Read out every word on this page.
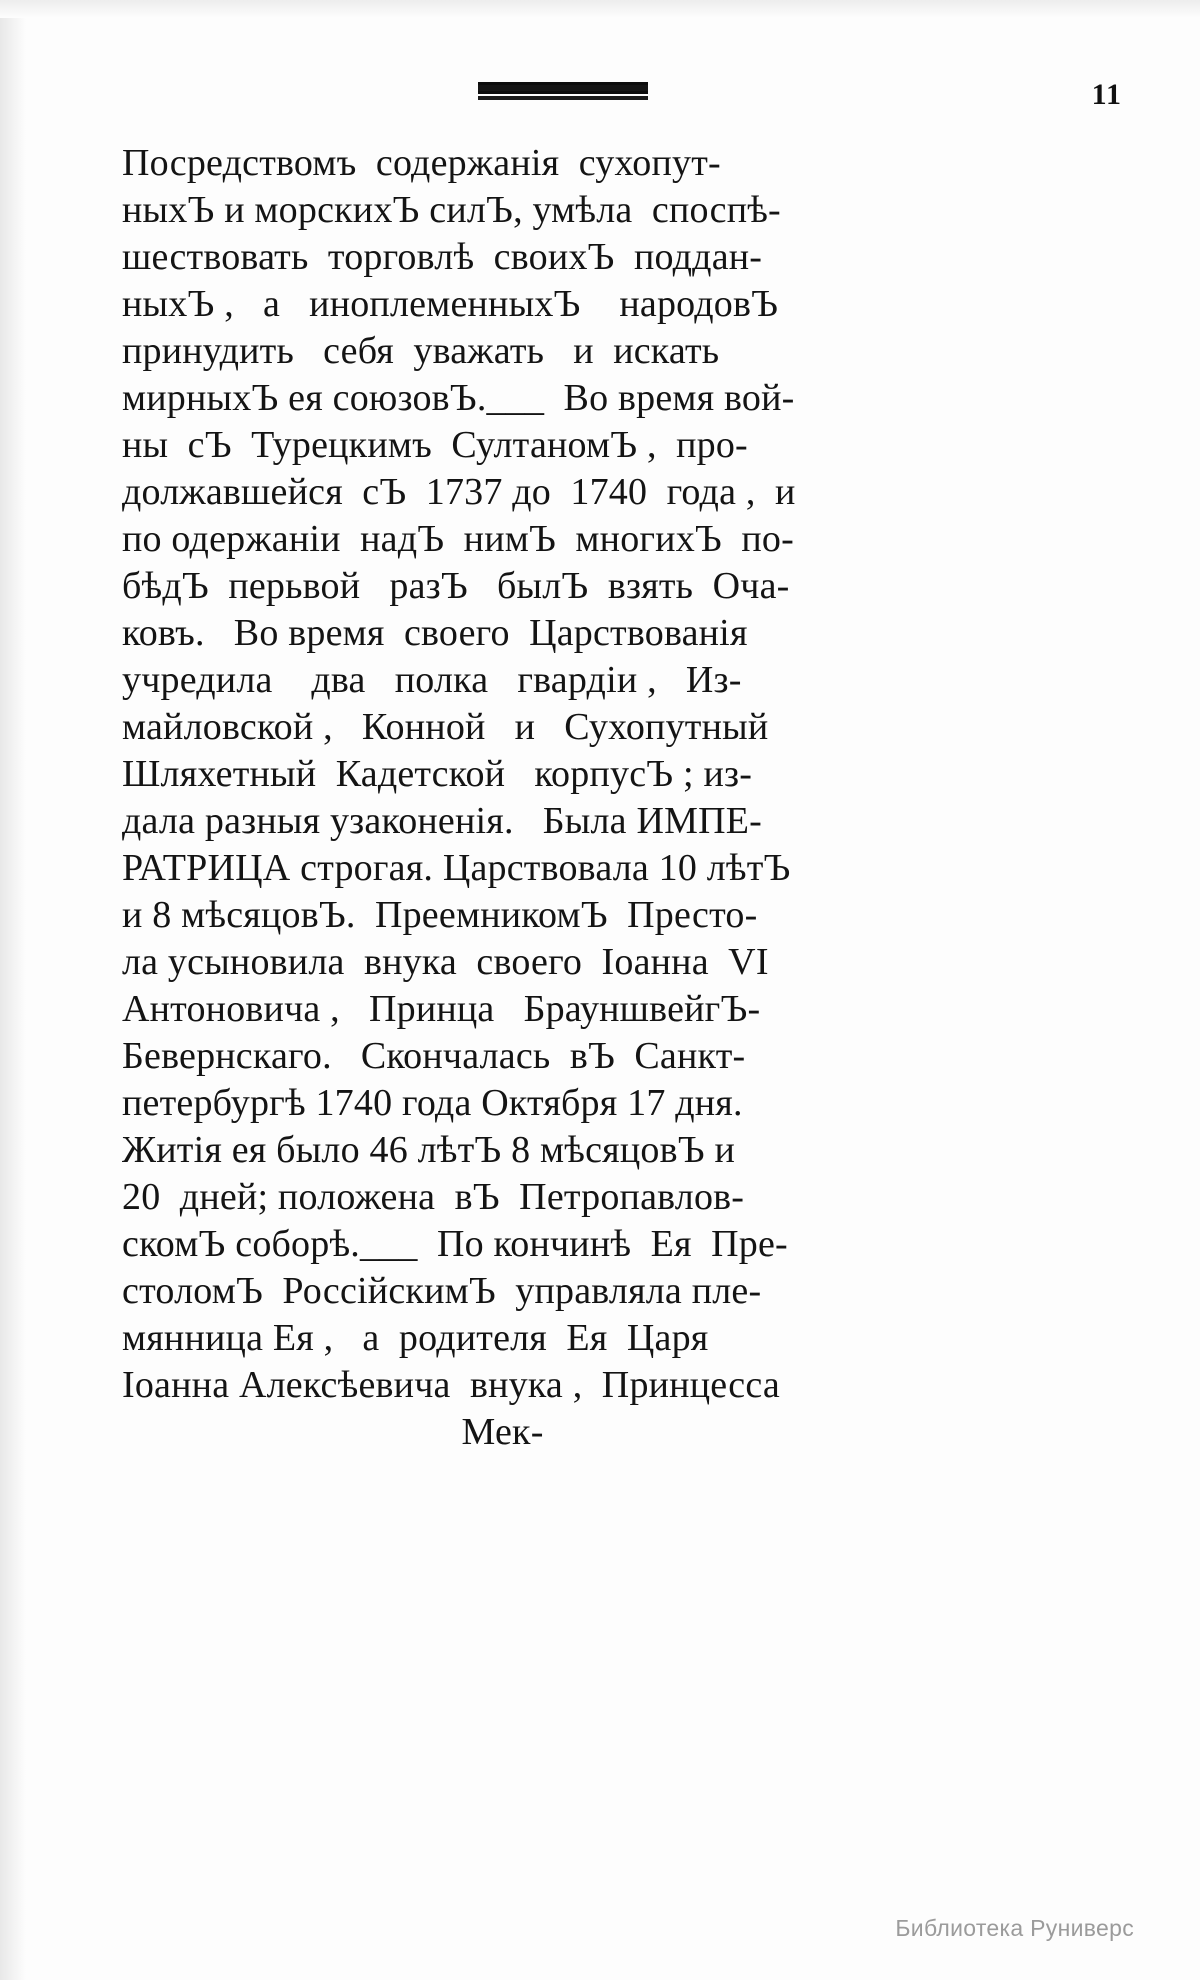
11
Посредствомъ  содержанія  сухопут-
ныхЪ и морскихЪ силЪ, умѣла  споспѣ-
шествовать  торговлѣ  своихЪ  поддан-
ныхЪ ,   а   иноплеменныхЪ    народовЪ
принудить   себя  уважать   и  искать
мирныхЪ ея союзовЪ.___  Во время вой-
ны  сЪ  Турецкимъ  СултаномЪ ,  про-
должавшейся  сЪ  1737 до  1740  года ,  и
по одержаніи  надЪ  нимЪ  многихЪ  по-
бѣдЪ  перьвой   разЪ   былЪ  взять  Оча-
ковъ.   Во время  своего  Царствованія
учредила    два   полка   гвардіи ,   Из-
майловской ,   Конной   и   Сухопутный
Шляхетный  Кадетской   корпусЪ ; из-
дала разныя узаконенія.   Была ИМПЕ-
РАТРИЦА строгая. Царствовала 10 лѣтЪ
и 8 мѣсяцовЪ.  ПреемникомЪ  Престо-
ла усыновила  внука  своего  Іоанна  VI
Антоновича ,   Принца   БрауншвейгЪ-
Бевернскаго.   Скончалась  вЪ  Санкт-
петербургѣ 1740 года Октября 17 дня.
Житія ея было 46 лѣтЪ 8 мѣсяцовЪ и
20  дней; положена  вЪ  Петропавлов-
скомЪ соборѣ.___  По кончинѣ  Ея  Пре-
столомЪ  РоссійскимЪ  управляла пле-
мянница Ея ,   а  родителя  Ея  Царя
Іоанна Алексѣевича  внука ,  Принцесса
Мек-
Библиотека Руниверс
